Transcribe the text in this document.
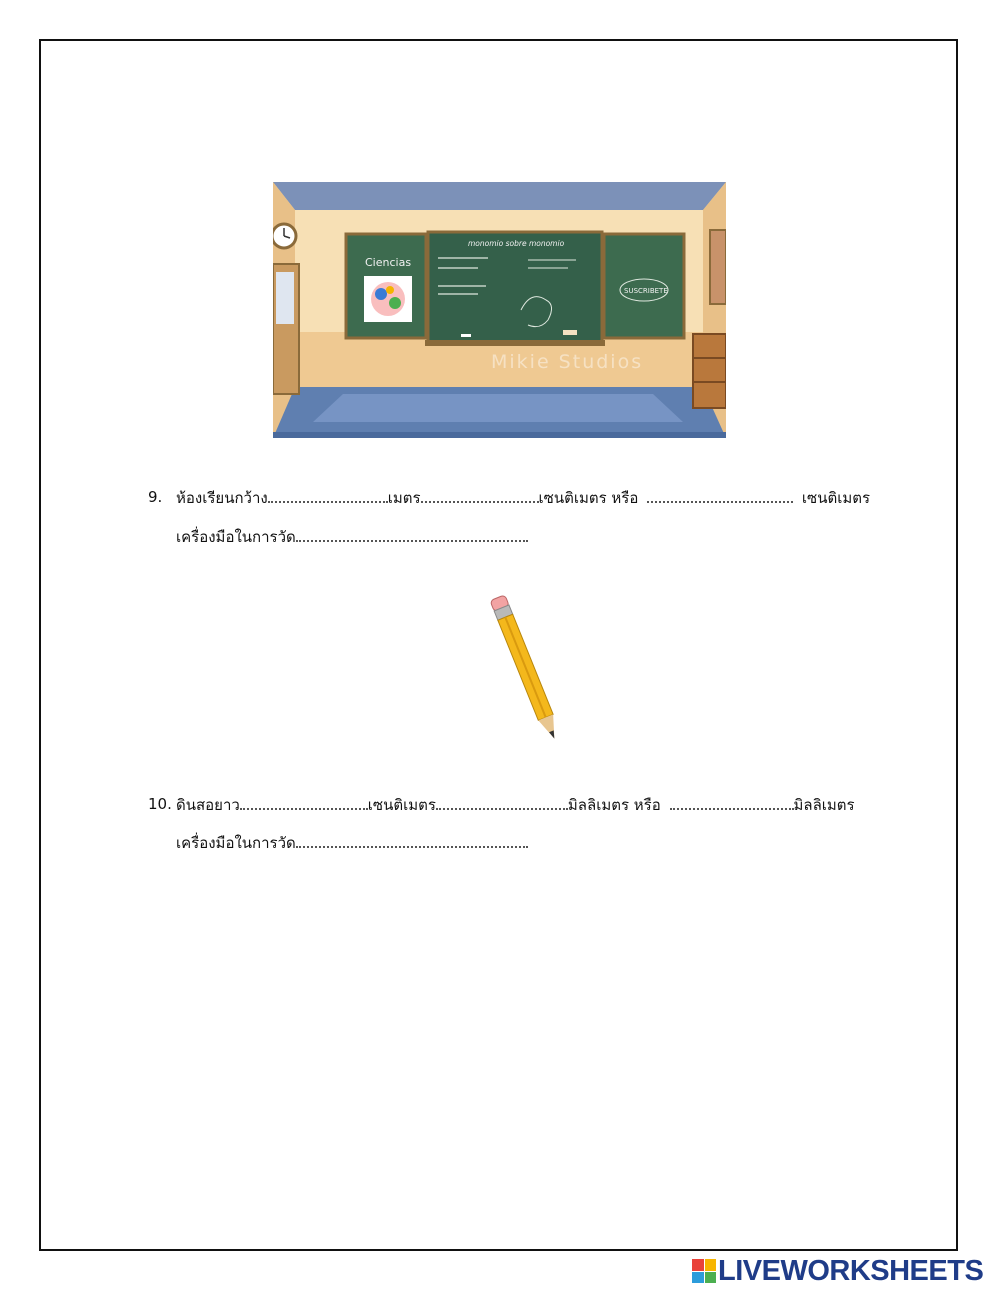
Ciencias
monomio sobre monomio
SUSCRIBETE
Mikie Studios
9. ห้องเรียนกว้าง	เมตร	เซนติเมตร หรือ	เซนติเมตร
เครื่องมือในการวัด
10. ดินสอยาว	เซนติเมตร	มิลลิเมตร หรือ	มิลลิเมตร
เครื่องมือในการวัด
LIVEWORKSHEETS
